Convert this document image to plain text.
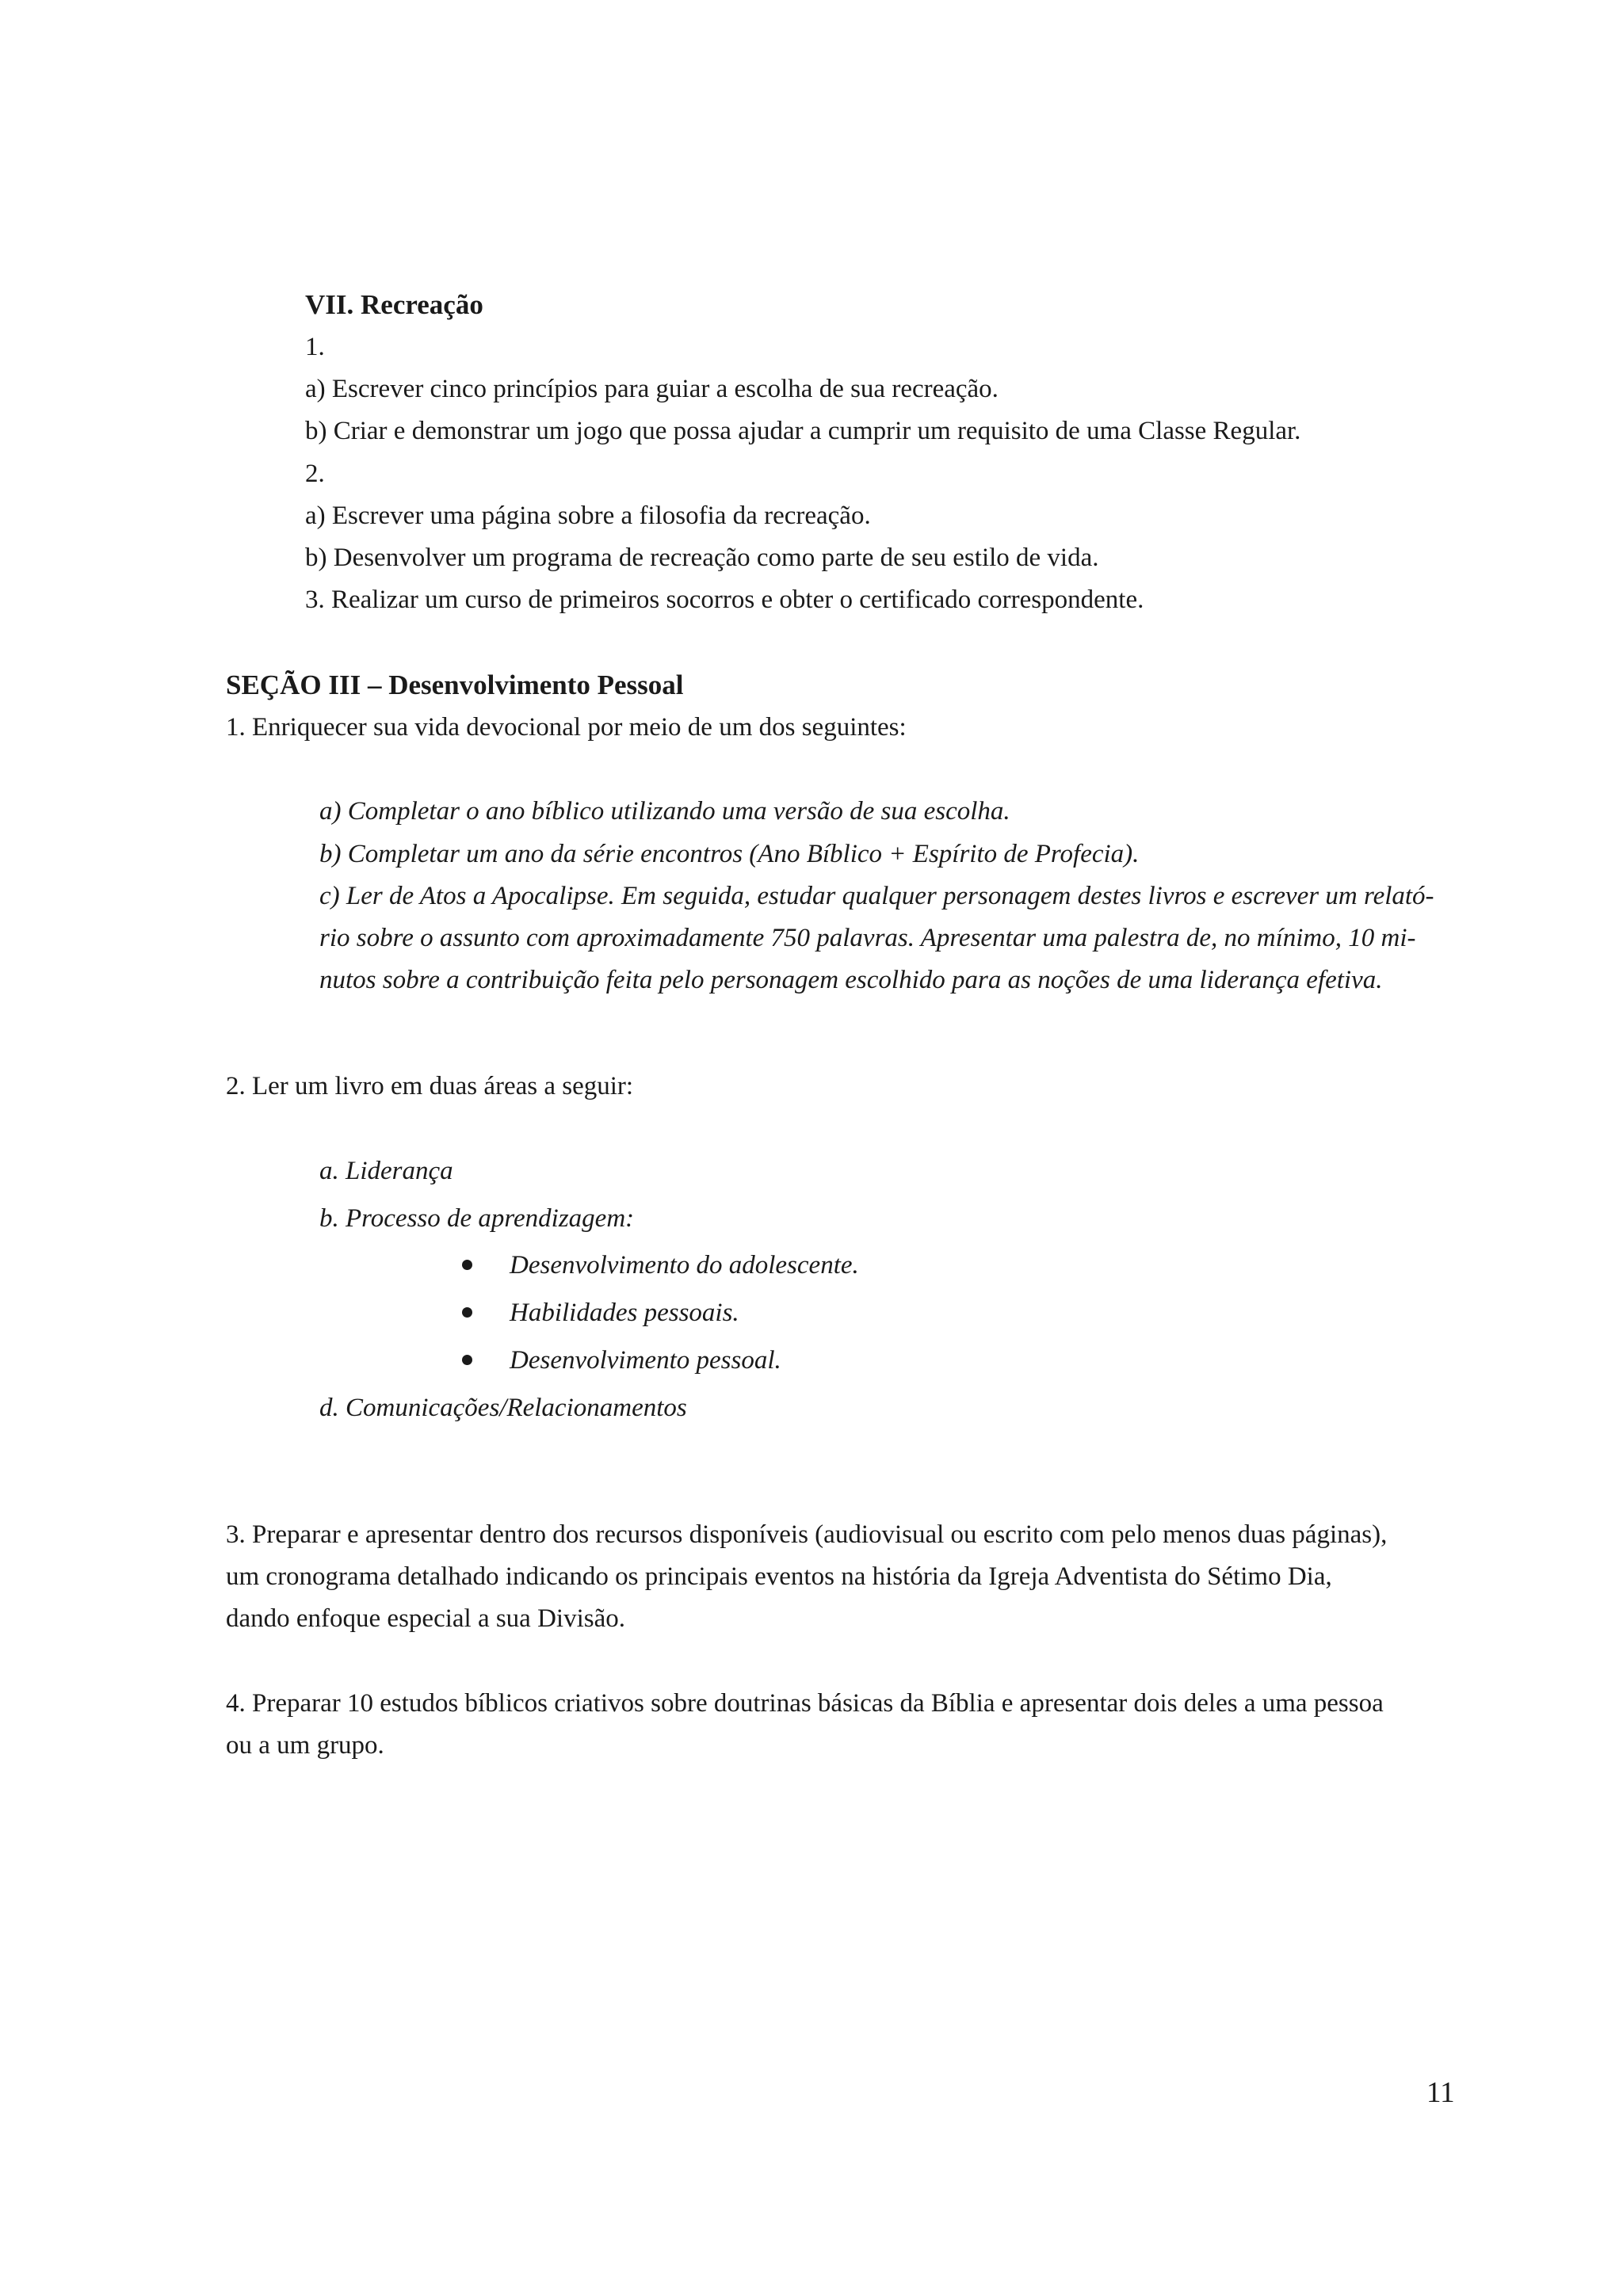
VII. Recreação
1.
a) Escrever cinco princípios para guiar a escolha de sua recreação.
b) Criar e demonstrar um jogo que possa ajudar a cumprir um requisito de uma Classe Regular.
2.
a) Escrever uma página sobre a filosofia da recreação.
b) Desenvolver um programa de recreação como parte de seu estilo de vida.
3. Realizar um curso de primeiros socorros e obter o certificado correspondente.
SEÇÃO III – Desenvolvimento Pessoal
1. Enriquecer sua vida devocional por meio de um dos seguintes:
a) Completar o ano bíblico utilizando uma versão de sua escolha.
b) Completar um ano da série encontros (Ano Bíblico + Espírito de Profecia).
c) Ler de Atos a Apocalipse. Em seguida, estudar qualquer personagem destes livros e escrever um relató-
rio sobre o assunto com aproximadamente 750 palavras. Apresentar uma palestra de, no mínimo, 10 mi-
nutos sobre a contribuição feita pelo personagem escolhido para as noções de uma liderança efetiva.
2. Ler um livro em duas áreas a seguir:
a. Liderança
b. Processo de aprendizagem:
Desenvolvimento do adolescente.
Habilidades pessoais.
Desenvolvimento pessoal.
d. Comunicações/Relacionamentos
3. Preparar e apresentar dentro dos recursos disponíveis (audiovisual ou escrito com pelo menos duas páginas),
um cronograma detalhado indicando os principais eventos na história da Igreja Adventista do Sétimo Dia,
dando enfoque especial a sua Divisão.
4. Preparar 10 estudos bíblicos criativos sobre doutrinas básicas da Bíblia e apresentar dois deles a uma pessoa
ou a um grupo.
11
